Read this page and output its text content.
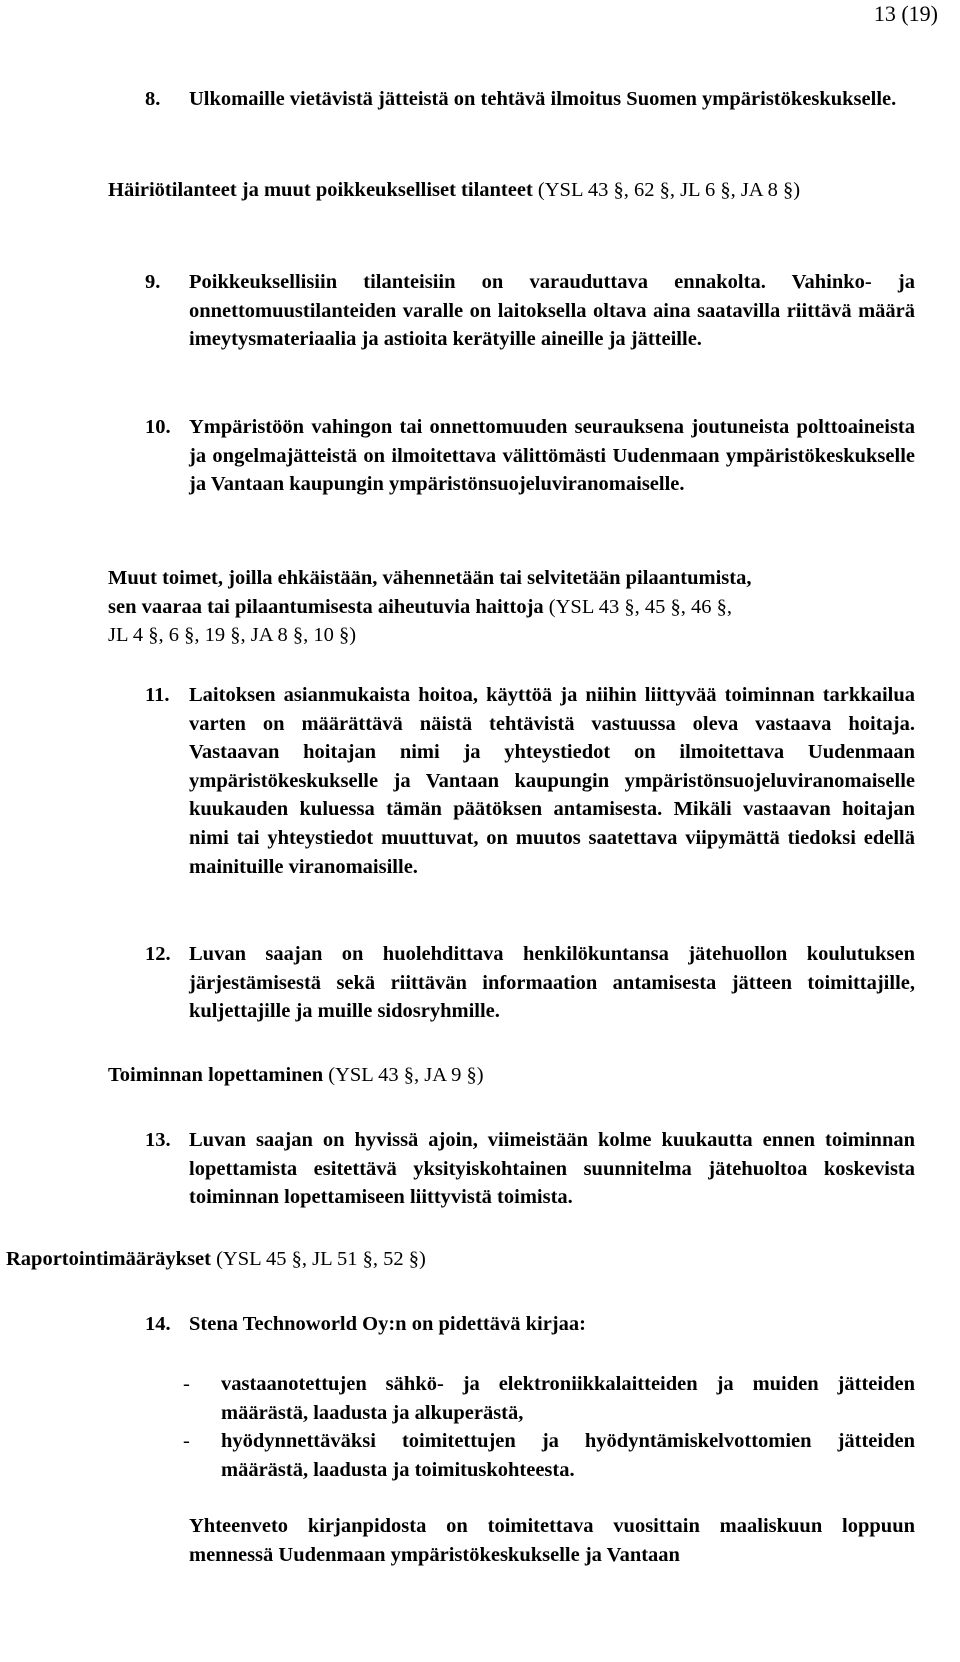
13 (19)
8. Ulkomaille vietävistä jätteistä on tehtävä ilmoitus Suomen ympäristökeskukselle.
Häiriötilanteet ja muut poikkeukselliset tilanteet (YSL 43 §, 62 §, JL 6 §, JA 8 §)
9. Poikkeuksellisiin tilanteisiin on varauduttava ennakolta. Vahinko- ja onnettomuustilanteiden varalle on laitoksella oltava aina saatavilla riittävä määrä imeytysmateriaalia ja astioita kerätyille aineille ja jätteille.
10. Ympäristöön vahingon tai onnettomuuden seurauksena joutuneista polttoaineista ja ongelmajätteistä on ilmoitettava välittömästi Uudenmaan ympäristökeskukselle ja Vantaan kaupungin ympäristönsuojeluviranomaiselle.
Muut toimet, joilla ehkäistään, vähennetään tai selvitetään pilaantumista,
sen vaaraa tai pilaantumisesta aiheutuvia haittoja (YSL 43 §, 45 §, 46 §,
JL 4 §, 6 §, 19 §, JA 8 §, 10 §)
11. Laitoksen asianmukaista hoitoa, käyttöä ja niihin liittyvää toiminnan tarkkailua varten on määrättävä näistä tehtävistä vastuussa oleva vastaava hoitaja. Vastaavan hoitajan nimi ja yhteystiedot on ilmoitettava Uudenmaan ympäristökeskukselle ja Vantaan kaupungin ympäristönsuojeluviranomaiselle kuukauden kuluessa tämän päätöksen antamisesta. Mikäli vastaavan hoitajan nimi tai yhteystiedot muuttuvat, on muutos saatettava viipymättä tiedoksi edellä mainituille viranomaisille.
12. Luvan saajan on huolehdittava henkilökuntansa jätehuollon koulutuksen järjestämisestä sekä riittävän informaation antamisesta jätteen toimittajille, kuljettajille ja muille sidosryhmille.
Toiminnan lopettaminen (YSL 43 §, JA 9 §)
13. Luvan saajan on hyvissä ajoin, viimeistään kolme kuukautta ennen toiminnan lopettamista esitettävä yksityiskohtainen suunnitelma jätehuoltoa koskevista toiminnan lopettamiseen liittyvistä toimista.
Raportointimääräykset (YSL 45 §, JL 51 §, 52 §)
14. Stena Technoworld Oy:n on pidettävä kirjaa:
- vastaanotettujen sähkö- ja elektroniikkalaitteiden ja muiden jätteiden määrästä, laadusta ja alkuperästä,
- hyödynnettäväksi toimitettujen ja hyödyntämiskelvottomien jätteiden määrästä, laadusta ja toimituskohteesta.
Yhteenveto kirjanpidosta on toimitettava vuosittain maaliskuun loppuun mennessä Uudenmaan ympäristökeskukselle ja Vantaan
